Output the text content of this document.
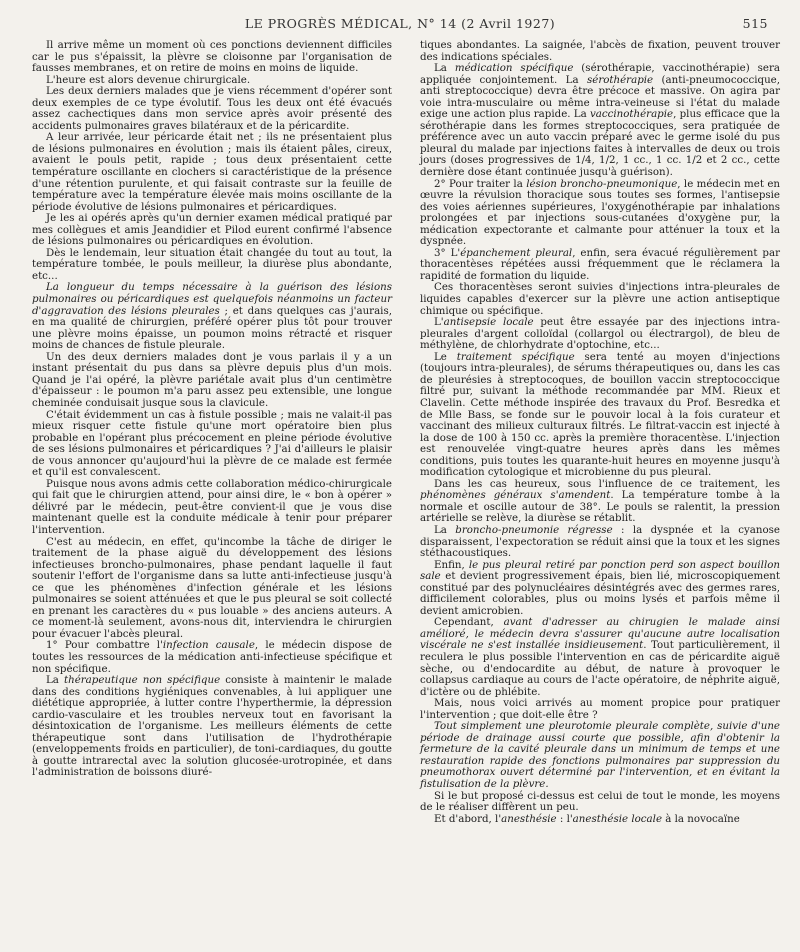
LE PROGRÈS MÉDICAL, N° 14 (2 Avril 1927)	515

Il arrive même un moment où ces ponctions deviennent difficiles car le pus s'épaissit, la plèvre se cloisonne par l'organisation de fausses membranes, et on retire de moins en moins de liquide.

L'heure est alors devenue chirurgicale.

Les deux derniers malades que je viens récemment d'opérer sont deux exemples de ce type évolutif. Tous les deux ont été évacués assez cachectiques dans mon service après avoir présenté des accidents pulmonaires graves bilatéraux et de la péricardite.

A leur arrivée, leur péricarde était net ; ils ne présentaient plus de lésions pulmonaires en évolution ; mais ils étaient pâles, cireux, avaient le pouls petit, rapide ; tous deux présentaient cette température oscillante en clochers si caractéristique de la présence d'une rétention purulente, et qui faisait contraste sur la feuille de température avec la température élevée mais moins oscillante de la période évolutive de lésions pulmonaires et péricardiques.

Je les ai opérés après qu'un dernier examen médical pratiqué par mes collègues et amis Jeandidier et Pilod eurent confirmé l'absence de lésions pulmonaires ou péricardiques en évolution.

Dès le lendemain, leur situation était changée du tout au tout, la température tombée, le pouls meilleur, la diurèse plus abondante, etc...

La longueur du temps nécessaire à la guérison des lésions pulmonaires ou péricardiques est quelquefois néanmoins un facteur d'aggravation des lésions pleurales ; et dans quelques cas j'aurais, en ma qualité de chirurgien, préféré opérer plus tôt pour trouver une plèvre moins épaisse, un poumon moins rétracté et risquer moins de chances de fistule pleurale.

Un des deux derniers malades dont je vous parlais il y a un instant présentait du pus dans sa plèvre depuis plus d'un mois. Quand je l'ai opéré, la plèvre pariétale avait plus d'un centimètre d'épaisseur : le poumon m'a paru assez peu extensible, une longue cheminée conduisait jusque sous la clavicule.

C'était évidemment un cas à fistule possible ; mais ne valait-il pas mieux risquer cette fistule qu'une mort opératoire bien plus probable en l'opérant plus précocement en pleine période évolutive de ses lésions pulmonaires et péricardiques ? J'ai d'ailleurs le plaisir de vous annoncer qu'aujourd'hui la plèvre de ce malade est fermée et qu'il est convalescent.

Puisque nous avons admis cette collaboration médico-chirurgicale qui fait que le chirurgien attend, pour ainsi dire, le « bon à opérer » délivré par le médecin, peut-être convient-il que je vous dise maintenant quelle est la conduite médicale à tenir pour préparer l'intervention.

C'est au médecin, en effet, qu'incombe la tâche de diriger le traitement de la phase aiguë du développement des lésions infectieuses broncho-pulmonaires, phase pendant laquelle il faut soutenir l'effort de l'organisme dans sa lutte anti-infectieuse jusqu'à ce que les phénomènes d'infection générale et les lésions pulmonaires se soient atténuées et que le pus pleural se soit collecté en prenant les caractères du « pus louable » des anciens auteurs. A ce moment-là seulement, avons-nous dit, interviendra le chirurgien pour évacuer l'abcès pleural.

1° Pour combattre l'infection causale, le médecin dispose de toutes les ressources de la médication anti-infectieuse spécifique et non spécifique.

La thérapeutique non spécifique consiste à maintenir le malade dans des conditions hygiéniques convenables, à lui appliquer une diététique appropriée, à lutter contre l'hyperthermie, la dépression cardio-vasculaire et les troubles nerveux tout en favorisant la désintoxication de l'organisme. Les meilleurs éléments de cette thérapeutique sont dans l'utilisation de l'hydrothérapie (enveloppements froids en particulier), de toni-cardiaques, du goutte à goutte intrarectal avec la solution glucosée-urotropinée, et dans l'administration de boissons diuré-

tiques abondantes. La saignée, l'abcès de fixation, peuvent trouver des indications spéciales.

La médication spécifique (sérothérapie, vaccinothérapie) sera appliquée conjointement. La sérothérapie (anti-pneumococcique, anti streptococcique) devra être précoce et massive. On agira par voie intra-musculaire ou même intra-veineuse si l'état du malade exige une action plus rapide. La vaccinothérapie, plus efficace que la sérothérapie dans les formes streptococciques, sera pratiquée de préférence avec un auto vaccin préparé avec le germe isolé du pus pleural du malade par injections faites à intervalles de deux ou trois jours (doses progressives de 1/4, 1/2, 1 cc., 1 cc. 1/2 et 2 cc., cette dernière dose étant continuée jusqu'à guérison).

2° Pour traiter la lésion broncho-pneumonique, le médecin met en œuvre la révulsion thoracique sous toutes ses formes, l'antisepsie des voies aériennes supérieures, l'oxygénothérapie par inhalations prolongées et par injections sous-cutanées d'oxygène pur, la médication expectorante et calmante pour atténuer la toux et la dyspnée.

3° L'épanchement pleural, enfin, sera évacué régulièrement par thoracentèses répétées aussi fréquemment que le réclamera la rapidité de formation du liquide.

Ces thoracentèses seront suivies d'injections intra-pleurales de liquides capables d'exercer sur la plèvre une action antiseptique chimique ou spécifique.

L'antisepsie locale peut être essayée par des injections intra-pleurales d'argent colloïdal (collargol ou électrargol), de bleu de méthylène, de chlorhydrate d'optochine, etc...

Le traitement spécifique sera tenté au moyen d'injections (toujours intra-pleurales), de sérums thérapeutiques ou, dans les cas de pleurésies à streptocoques, de bouillon vaccin streptococcique filtré pur, suivant la méthode recommandée par MM. Rieux et Clavelin. Cette méthode inspirée des travaux du Prof. Besredka et de Mlle Bass, se fonde sur le pouvoir local à la fois curateur et vaccinant des milieux culturaux filtrés. Le filtrat-vaccin est injecté à la dose de 100 à 150 cc. après la première thoracentèse. L'injection est renouvelée vingt-quatre heures après dans les mêmes conditions, puis toutes les quarante-huit heures en moyenne jusqu'à modification cytologique et microbienne du pus pleural.

Dans les cas heureux, sous l'influence de ce traitement, les phénomènes généraux s'amendent. La température tombe à la normale et oscille autour de 38°. Le pouls se ralentit, la pression artérielle se relève, la diurèse se rétablit.

La broncho-pneumonie régresse : la dyspnée et la cyanose disparaissent, l'expectoration se réduit ainsi que la toux et les signes stéthacoustiques.

Enfin, le pus pleural retiré par ponction perd son aspect bouillon sale et devient progressivement épais, bien lié, microscopiquement constitué par des polynucléaires désintégrés avec des germes rares, difficilement colorables, plus ou moins lysés et parfois même il devient amicrobien.

Cependant, avant d'adresser au chirugien le malade ainsi amélioré, le médecin devra s'assurer qu'aucune autre localisation viscérale ne s'est installée insidieusement. Tout particulièrement, il reculera le plus possible l'intervention en cas de péricardite aiguë sèche, ou d'endocardite au début, de nature à provoquer le collapsus cardiaque au cours de l'acte opératoire, de néphrite aiguë, d'ictère ou de phlébite.

Mais, nous voici arrivés au moment propice pour pratiquer l'intervention ; que doit-elle être ?

Tout simplement une pleurotomie pleurale complète, suivie d'une période de drainage aussi courte que possible, afin d'obtenir la fermeture de la cavité pleurale dans un minimum de temps et une restauration rapide des fonctions pulmonaires par suppression du pneumothorax ouvert déterminé par l'intervention, et en évitant la fistulisation de la plèvre.

Si le but proposé ci-dessus est celui de tout le monde, les moyens de le réaliser diffèrent un peu.

Et d'abord, l'anesthésie : l'anesthésie locale à la novocaïne
